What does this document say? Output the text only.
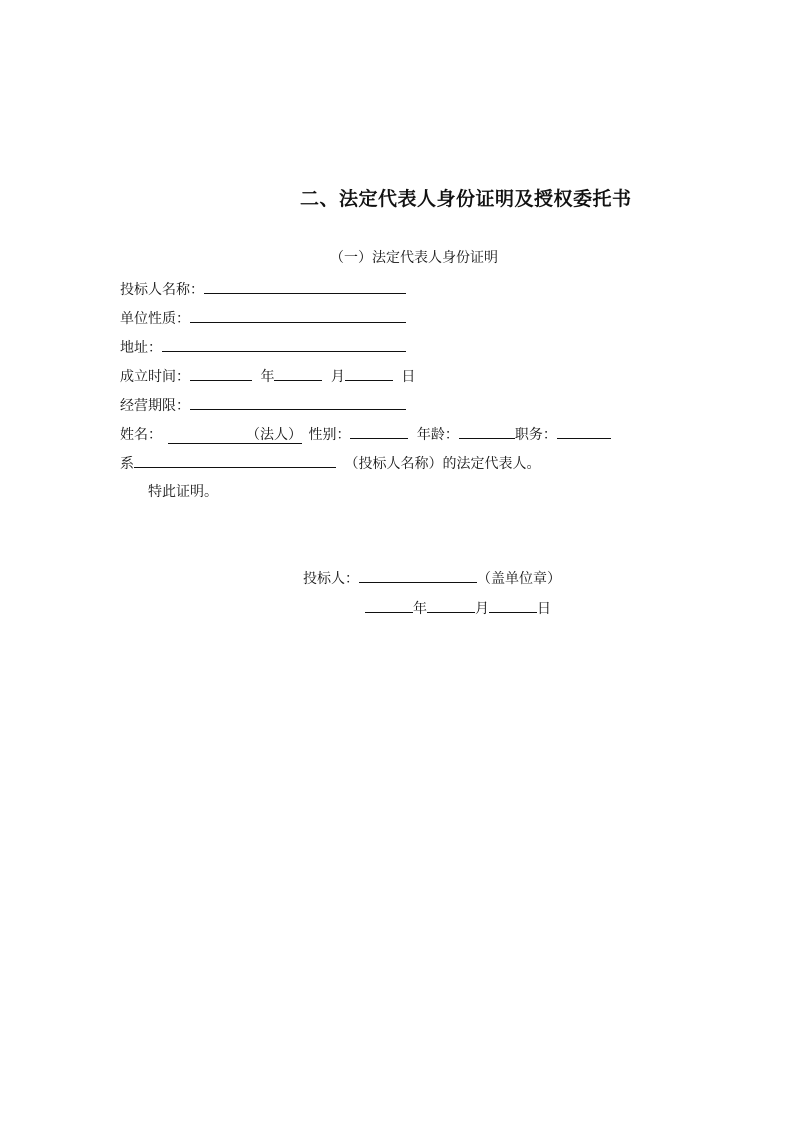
二、法定代表人身份证明及授权委托书
（一）法定代表人身份证明
投标人名称：
单位性质：
地址：
成立时间：	年	月	日
经营期限：
姓名：	（法人） 性别：	年龄：	职务：
系	（投标人名称）的法定代表人。
特此证明。
投标人：	（盖单位章）
年	月	日
